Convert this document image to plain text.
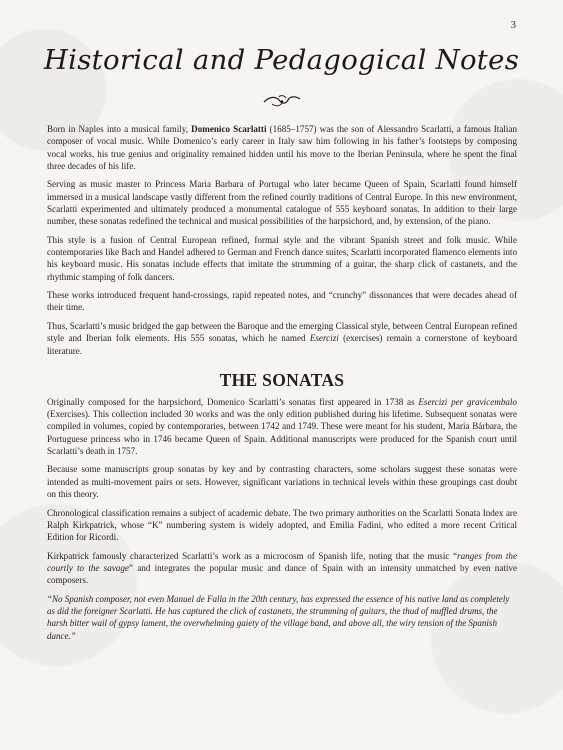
3
Historical and Pedagogical Notes

Born in Naples into a musical family, Domenico Scarlatti (1685–1757) was the son of Alessandro Scarlatti, a famous Italian composer of vocal music. While Domenico’s early career in Italy saw him following in his father’s footsteps by composing vocal works, his true genius and originality remained hidden until his move to the Iberian Peninsula, where he spent the final three decades of his life.

Serving as music master to Princess Maria Barbara of Portugal who later became Queen of Spain, Scarlatti found himself immersed in a musical landscape vastly different from the refined courtly traditions of Central Europe. In this new environment, Scarlatti experimented and ultimately produced a monumental catalogue of 555 keyboard sonatas. In addition to their large number, these sonatas redefined the technical and musical possibilities of the harpsichord, and, by extension, of the piano.

This style is a fusion of Central European refined, formal style and the vibrant Spanish street and folk music. While contemporaries like Bach and Handel adhered to German and French dance suites, Scarlatti incorporated flamenco elements into his keyboard music. His sonatas include effects that imitate the strumming of a guitar, the sharp click of castanets, and the rhythmic stamping of folk dancers.

These works introduced frequent hand-crossings, rapid repeated notes, and “crunchy” dissonances that were decades ahead of their time.

Thus, Scarlatti’s music bridged the gap between the Baroque and the emerging Classical style, between Central European refined style and Iberian folk elements. His 555 sonatas, which he named Esercizi (exercises) remain a cornerstone of keyboard literature.

THE SONATAS

Originally composed for the harpsichord, Domenico Scarlatti’s sonatas first appeared in 1738 as Esercizi per gravicembalo (Exercises). This collection included 30 works and was the only edition published during his lifetime. Subsequent sonatas were compiled in volumes, copied by contemporaries, between 1742 and 1749. These were meant for his student, Maria Bárbara, the Portuguese princess who in 1746 became Queen of Spain. Additional manuscripts were produced for the Spanish court until Scarlatti’s death in 1757.

Because some manuscripts group sonatas by key and by contrasting characters, some scholars suggest these sonatas were intended as multi-movement pairs or sets. However, significant variations in technical levels within these groupings cast doubt on this theory.

Chronological classification remains a subject of academic debate. The two primary authorities on the Scarlatti Sonata Index are Ralph Kirkpatrick, whose “K” numbering system is widely adopted, and Emilia Fadini, who edited a more recent Critical Edition for Ricordi.

Kirkpatrick famously characterized Scarlatti’s work as a microcosm of Spanish life, noting that the music “ranges from the courtly to the savage” and integrates the popular music and dance of Spain with an intensity unmatched by even native composers.

“No Spanish composer, not even Manuel de Falla in the 20th century, has expressed the essence of his native land as completely as did the foreigner Scarlatti. He has captured the click of castanets, the strumming of guitars, the thud of muffled drums, the harsh bitter wail of gypsy lament, the overwhelming gaiety of the village band, and above all, the wiry tension of the Spanish dance.”
